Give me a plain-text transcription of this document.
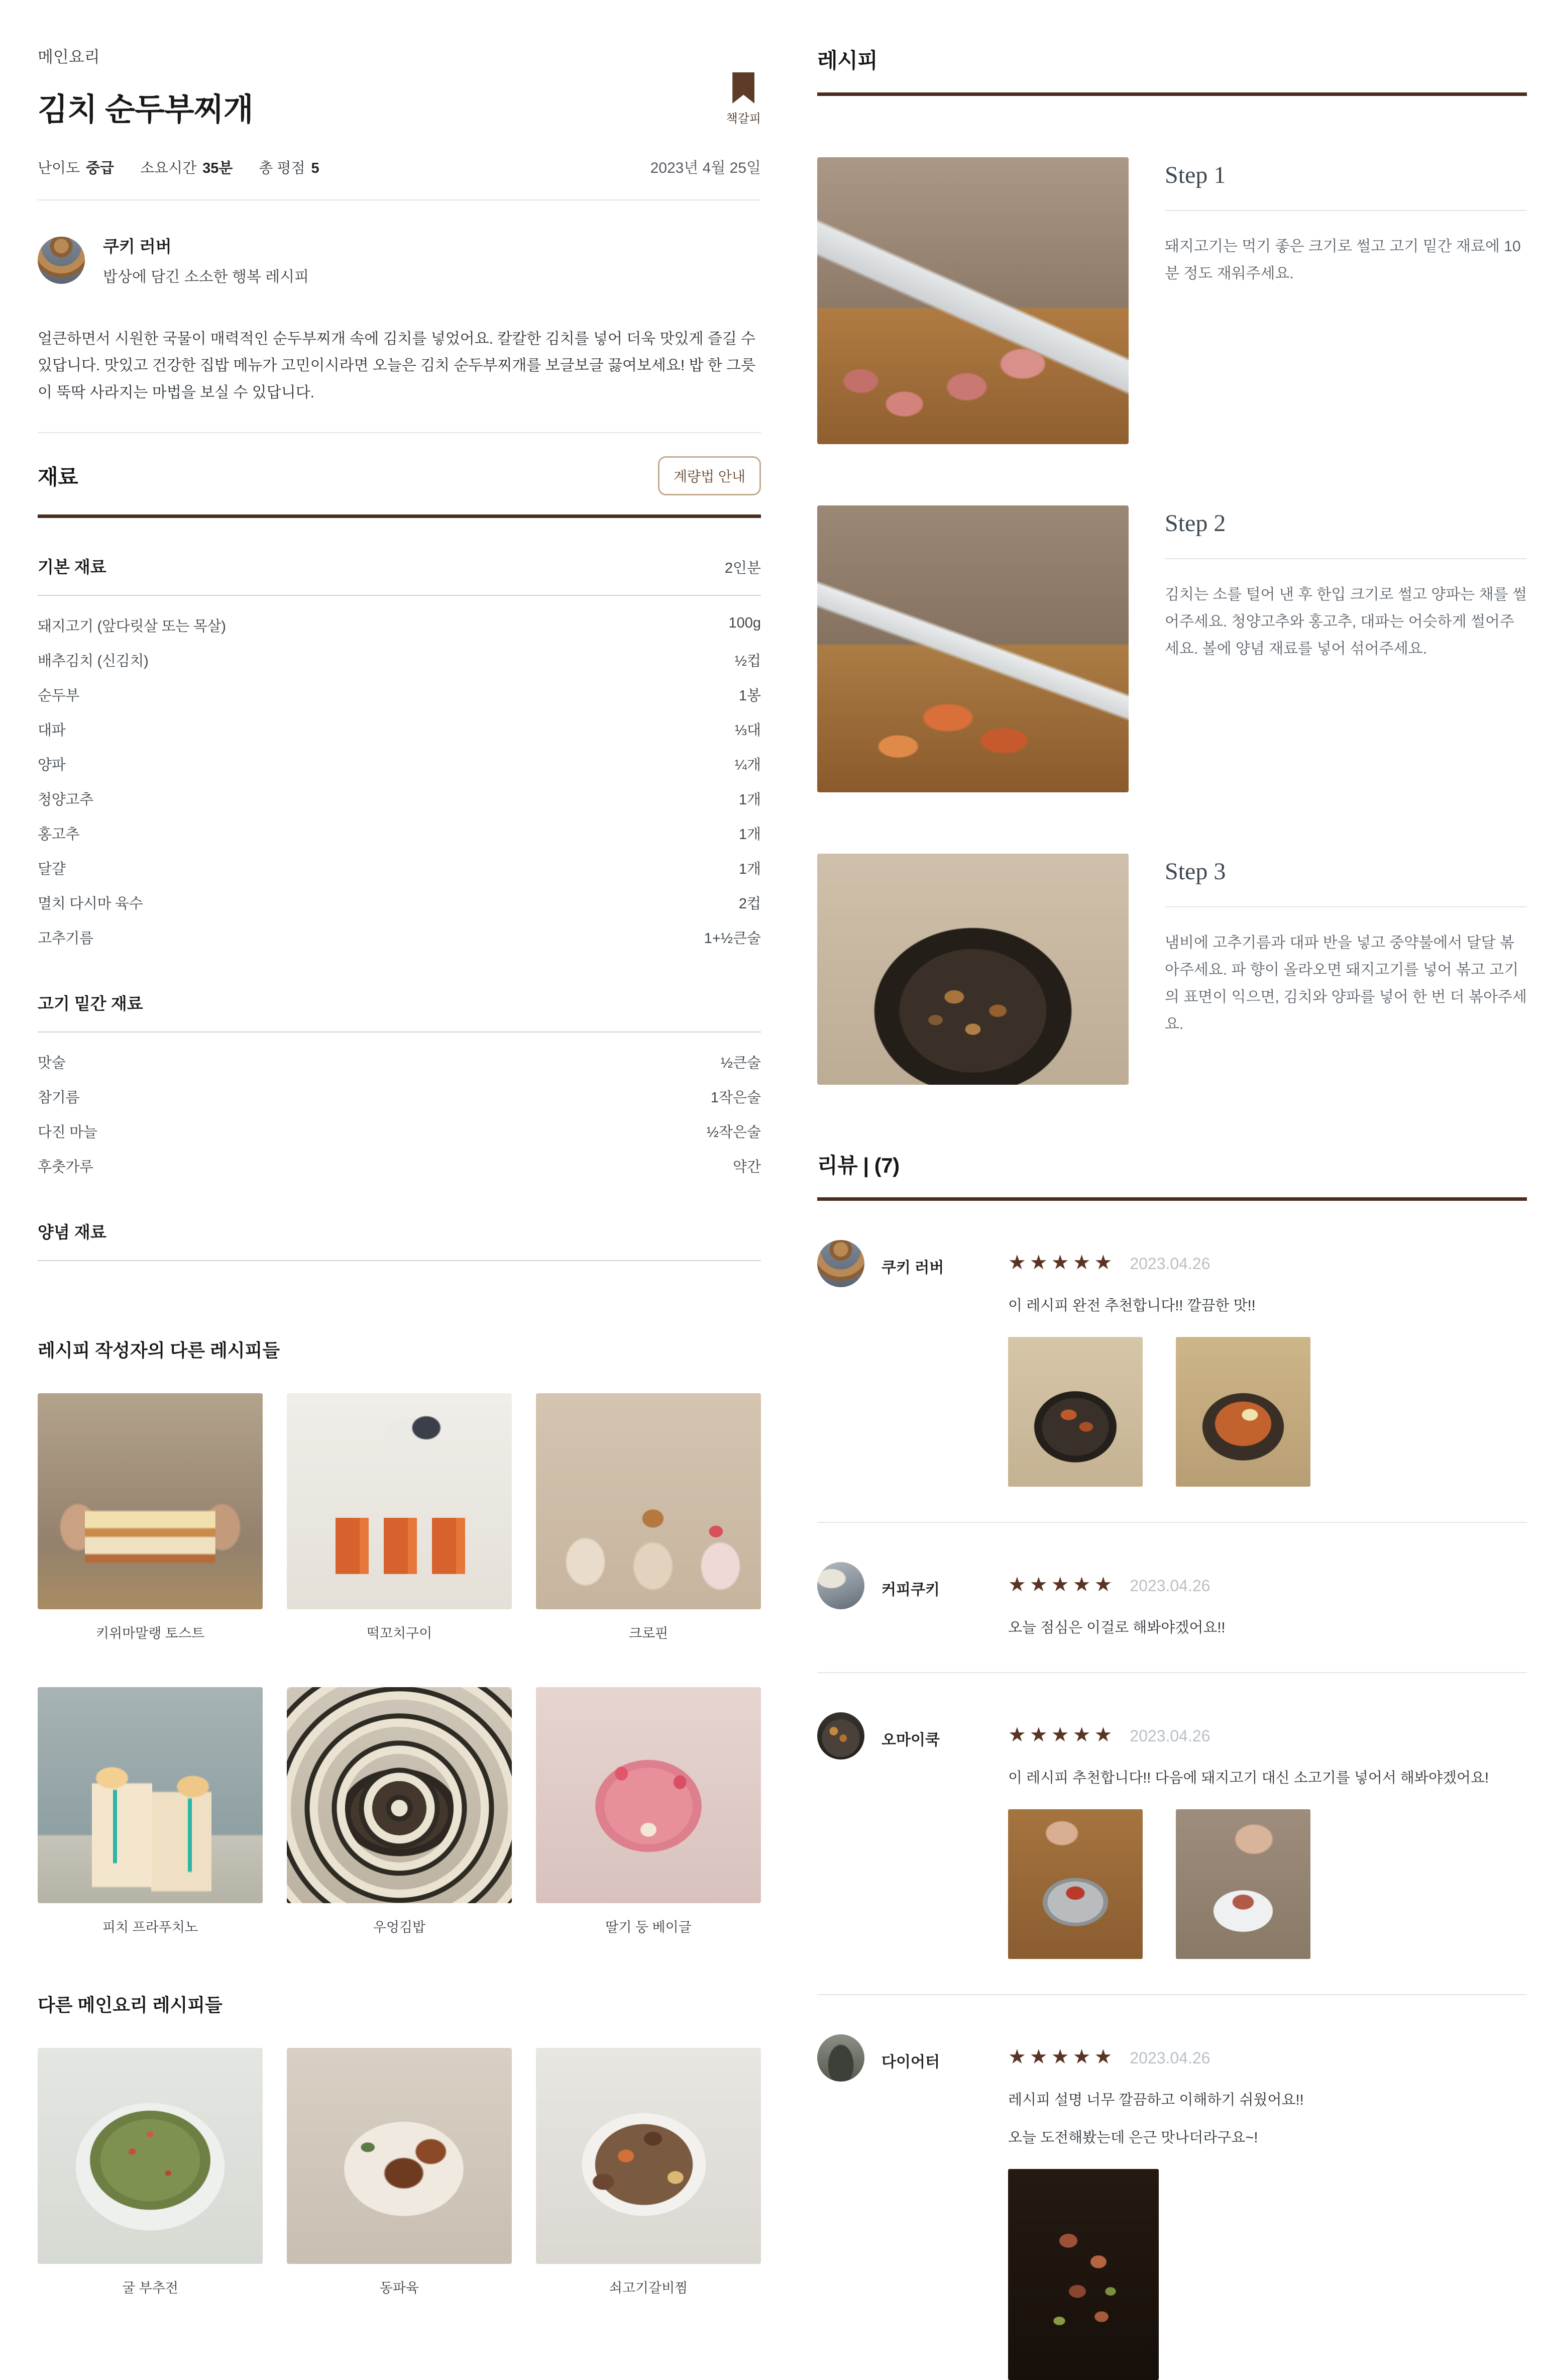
메인요리
김치 순두부찌개	책갈피
난이도 중급 소요시간 35분 총 평점 5	2023년 4월 25일
쿠키 러버
밥상에 담긴 소소한 행복 레시피
얼큰하면서 시원한 국물이 매력적인 순두부찌개 속에 김치를 넣었어요. 칼칼한 김치를 넣어 더욱 맛있게 즐길 수 있답니다. 맛있고 건강한 집밥 메뉴가 고민이시라면 오늘은 김치 순두부찌개를 보글보글 끓여보세요! 밥 한 그릇이 뚝딱 사라지는 마법을 보실 수 있답니다.
재료	계량법 안내
기본 재료	2인분
돼지고기 (앞다릿살 또는 목살)	100g
배추김치 (신김치)	½컵
순두부	1봉
대파	⅓대
양파	¼개
청양고추	1개
홍고추	1개
달걀	1개
멸치 다시마 육수	2컵
고추기름	1+½큰술
고기 밑간 재료
맛술	½큰술
참기름	1작은술
다진 마늘	½작은술
후춧가루	약간
양념 재료
레시피 작성자의 다른 레시피들
키위마말랭 토스트	떡꼬치구이	크로핀
피치 프라푸치노	우엉김밥	딸기 둥 베이글
다른 메인요리 레시피들
굴 부추전	동파육	쇠고기갈비찜
레시피
Step 1
돼지고기는 먹기 좋은 크기로 썰고 고기 밑간 재료에 10분 정도 재워주세요.
Step 2
김치는 소를 털어 낸 후 한입 크기로 썰고 양파는 채를 썰어주세요. 청양고추와 홍고추, 대파는 어슷하게 썰어주세요. 볼에 양념 재료를 넣어 섞어주세요.
Step 3
냄비에 고추기름과 대파 반을 넣고 중약불에서 달달 볶아주세요. 파 향이 올라오면 돼지고기를 넣어 볶고 고기의 표면이 익으면, 김치와 양파를 넣어 한 번 더 볶아주세요.
리뷰 | (7)
쿠키 러버	★★★★★ 2023.04.26
이 레시피 완전 추천합니다!! 깔끔한 맛!!
커피쿠키	★★★★★ 2023.04.26
오늘 점심은 이걸로 해봐야겠어요!!
오마이쿡	★★★★★ 2023.04.26
이 레시피 추천합니다!! 다음에 돼지고기 대신 소고기를 넣어서 해봐야겠어요!
다이어터	★★★★★ 2023.04.26
레시피 설명 너무 깔끔하고 이해하기 쉬웠어요!!
오늘 도전해봤는데 은근 맛나더라구요~!
